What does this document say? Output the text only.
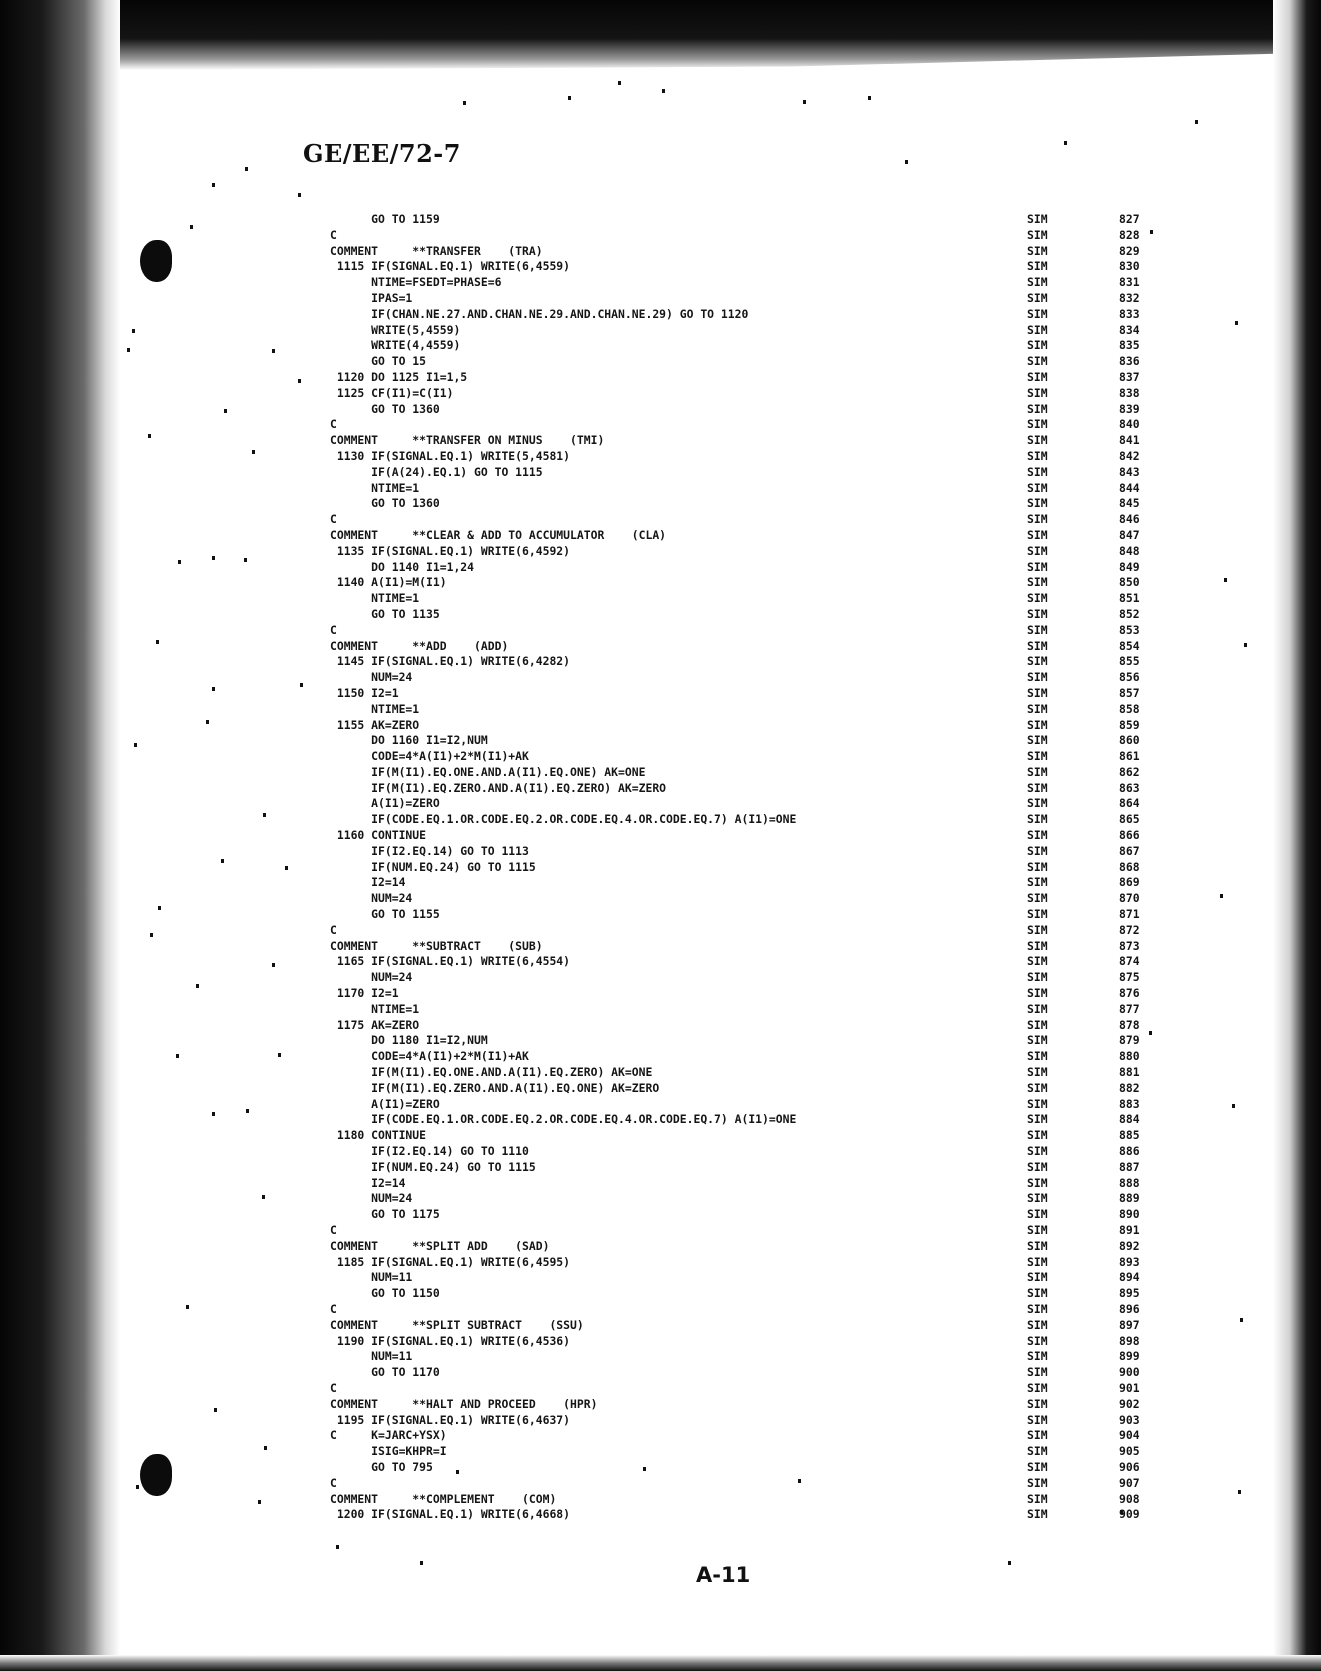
GE/EE/72-7
GO TO 1159	SIM	827
C	SIM	828
COMMENT     **TRANSFER    (TRA)	SIM	829
1115 IF(SIGNAL.EQ.1) WRITE(6,4559)	SIM	830
NTIME=FSEDT=PHASE=6	SIM	831
IPAS=1	SIM	832
IF(CHAN.NE.27.AND.CHAN.NE.29.AND.CHAN.NE.29) GO TO 1120	SIM	833
WRITE(5,4559)	SIM	834
WRITE(4,4559)	SIM	835
GO TO 15	SIM	836
1120 DO 1125 I1=1,5	SIM	837
1125 CF(I1)=C(I1)	SIM	838
GO TO 1360	SIM	839
C	SIM	840
COMMENT     **TRANSFER ON MINUS    (TMI)	SIM	841
1130 IF(SIGNAL.EQ.1) WRITE(5,4581)	SIM	842
IF(A(24).EQ.1) GO TO 1115	SIM	843
NTIME=1	SIM	844
GO TO 1360	SIM	845
C	SIM	846
COMMENT     **CLEAR & ADD TO ACCUMULATOR    (CLA)	SIM	847
1135 IF(SIGNAL.EQ.1) WRITE(6,4592)	SIM	848
DO 1140 I1=1,24	SIM	849
1140 A(I1)=M(I1)	SIM	850
NTIME=1	SIM	851
GO TO 1135	SIM	852
C	SIM	853
COMMENT     **ADD    (ADD)	SIM	854
1145 IF(SIGNAL.EQ.1) WRITE(6,4282)	SIM	855
NUM=24	SIM	856
1150 I2=1	SIM	857
NTIME=1	SIM	858
1155 AK=ZERO	SIM	859
DO 1160 I1=I2,NUM	SIM	860
CODE=4*A(I1)+2*M(I1)+AK	SIM	861
IF(M(I1).EQ.ONE.AND.A(I1).EQ.ONE) AK=ONE	SIM	862
IF(M(I1).EQ.ZERO.AND.A(I1).EQ.ZERO) AK=ZERO	SIM	863
A(I1)=ZERO	SIM	864
IF(CODE.EQ.1.OR.CODE.EQ.2.OR.CODE.EQ.4.OR.CODE.EQ.7) A(I1)=ONE	SIM	865
1160 CONTINUE	SIM	866
IF(I2.EQ.14) GO TO 1113	SIM	867
IF(NUM.EQ.24) GO TO 1115	SIM	868
I2=14	SIM	869
NUM=24	SIM	870
GO TO 1155	SIM	871
C	SIM	872
COMMENT     **SUBTRACT    (SUB)	SIM	873
1165 IF(SIGNAL.EQ.1) WRITE(6,4554)	SIM	874
NUM=24	SIM	875
1170 I2=1	SIM	876
NTIME=1	SIM	877
1175 AK=ZERO	SIM	878
DO 1180 I1=I2,NUM	SIM	879
CODE=4*A(I1)+2*M(I1)+AK	SIM	880
IF(M(I1).EQ.ONE.AND.A(I1).EQ.ZERO) AK=ONE	SIM	881
IF(M(I1).EQ.ZERO.AND.A(I1).EQ.ONE) AK=ZERO	SIM	882
A(I1)=ZERO	SIM	883
IF(CODE.EQ.1.OR.CODE.EQ.2.OR.CODE.EQ.4.OR.CODE.EQ.7) A(I1)=ONE	SIM	884
1180 CONTINUE	SIM	885
IF(I2.EQ.14) GO TO 1110	SIM	886
IF(NUM.EQ.24) GO TO 1115	SIM	887
I2=14	SIM	888
NUM=24	SIM	889
GO TO 1175	SIM	890
C	SIM	891
COMMENT     **SPLIT ADD    (SAD)	SIM	892
1185 IF(SIGNAL.EQ.1) WRITE(6,4595)	SIM	893
NUM=11	SIM	894
GO TO 1150	SIM	895
C	SIM	896
COMMENT     **SPLIT SUBTRACT    (SSU)	SIM	897
1190 IF(SIGNAL.EQ.1) WRITE(6,4536)	SIM	898
NUM=11	SIM	899
GO TO 1170	SIM	900
C	SIM	901
COMMENT     **HALT AND PROCEED    (HPR)	SIM	902
1195 IF(SIGNAL.EQ.1) WRITE(6,4637)	SIM	903
C     K=JARC+YSX)	SIM	904
ISIG=KHPR=I	SIM	905
GO TO 795	SIM	906
C	SIM	907
COMMENT     **COMPLEMENT    (COM)	SIM	908
1200 IF(SIGNAL.EQ.1) WRITE(6,4668)	SIM	909
A-11
